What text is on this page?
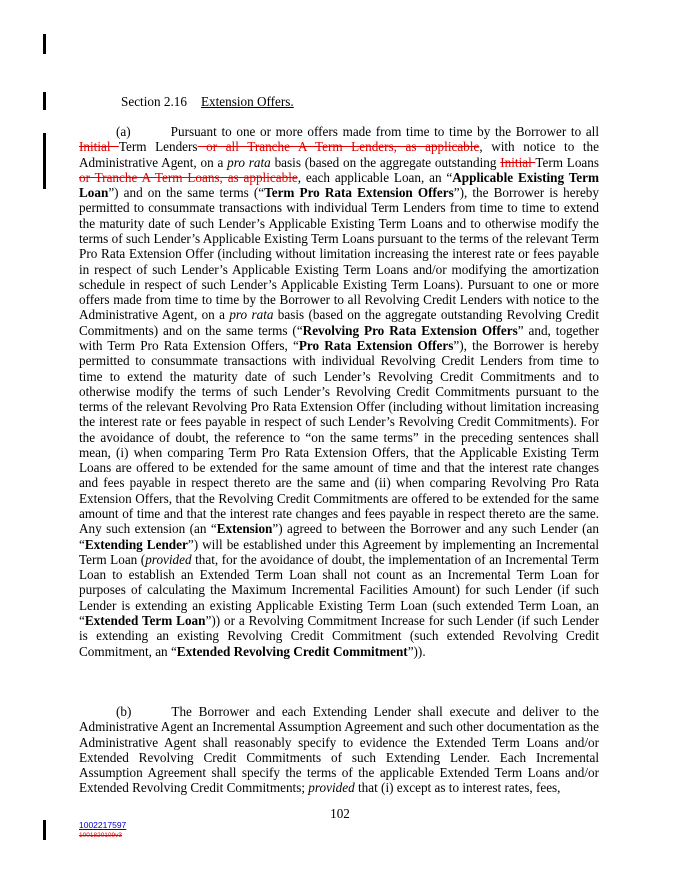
Section 2.16 Extension Offers.

(a)	Pursuant to one or more offers made from time to time by the Borrower to all Initial Term Lenders or all Tranche A Term Lenders, as applicable, with notice to the Administrative Agent, on a pro rata basis (based on the aggregate outstanding Initial Term Loans or Tranche A Term Loans, as applicable, each applicable Loan, an “Applicable Existing Term Loan”) and on the same terms (“Term Pro Rata Extension Offers”), the Borrower is hereby permitted to consummate transactions with individual Term Lenders from time to time to extend the maturity date of such Lender’s Applicable Existing Term Loans and to otherwise modify the terms of such Lender’s Applicable Existing Term Loans pursuant to the terms of the relevant Term Pro Rata Extension Offer (including without limitation increasing the interest rate or fees payable in respect of such Lender’s Applicable Existing Term Loans and/or modifying the amortization schedule in respect of such Lender’s Applicable Existing Term Loans). Pursuant to one or more offers made from time to time by the Borrower to all Revolving Credit Lenders with notice to the Administrative Agent, on a pro rata basis (based on the aggregate outstanding Revolving Credit Commitments) and on the same terms (“Revolving Pro Rata Extension Offers” and, together with Term Pro Rata Extension Offers, “Pro Rata Extension Offers”), the Borrower is hereby permitted to consummate transactions with individual Revolving Credit Lenders from time to time to extend the maturity date of such Lender’s Revolving Credit Commitments and to otherwise modify the terms of such Lender’s Revolving Credit Commitments pursuant to the terms of the relevant Revolving Pro Rata Extension Offer (including without limitation increasing the interest rate or fees payable in respect of such Lender’s Revolving Credit Commitments). For the avoidance of doubt, the reference to “on the same terms” in the preceding sentences shall mean, (i) when comparing Term Pro Rata Extension Offers, that the Applicable Existing Term Loans are offered to be extended for the same amount of time and that the interest rate changes and fees payable in respect thereto are the same and (ii) when comparing Revolving Pro Rata Extension Offers, that the Revolving Credit Commitments are offered to be extended for the same amount of time and that the interest rate changes and fees payable in respect thereto are the same. Any such extension (an “Extension”) agreed to between the Borrower and any such Lender (an “Extending Lender”) will be established under this Agreement by implementing an Incremental Term Loan (provided that, for the avoidance of doubt, the implementation of an Incremental Term Loan to establish an Extended Term Loan shall not count as an Incremental Term Loan for purposes of calculating the Maximum Incremental Facilities Amount) for such Lender (if such Lender is extending an existing Applicable Existing Term Loan (such extended Term Loan, an “Extended Term Loan”)) or a Revolving Commitment Increase for such Lender (if such Lender is extending an existing Revolving Credit Commitment (such extended Revolving Credit Commitment, an “Extended Revolving Credit Commitment”)).

(b)	The Borrower and each Extending Lender shall execute and deliver to the Administrative Agent an Incremental Assumption Agreement and such other documentation as the Administrative Agent shall reasonably specify to evidence the Extended Term Loans and/or Extended Revolving Credit Commitments of such Extending Lender. Each Incremental Assumption Agreement shall specify the terms of the applicable Extended Term Loans and/or Extended Revolving Credit Commitments; provided that (i) except as to interest rates, fees,

102
1002217597
1001820109v3
